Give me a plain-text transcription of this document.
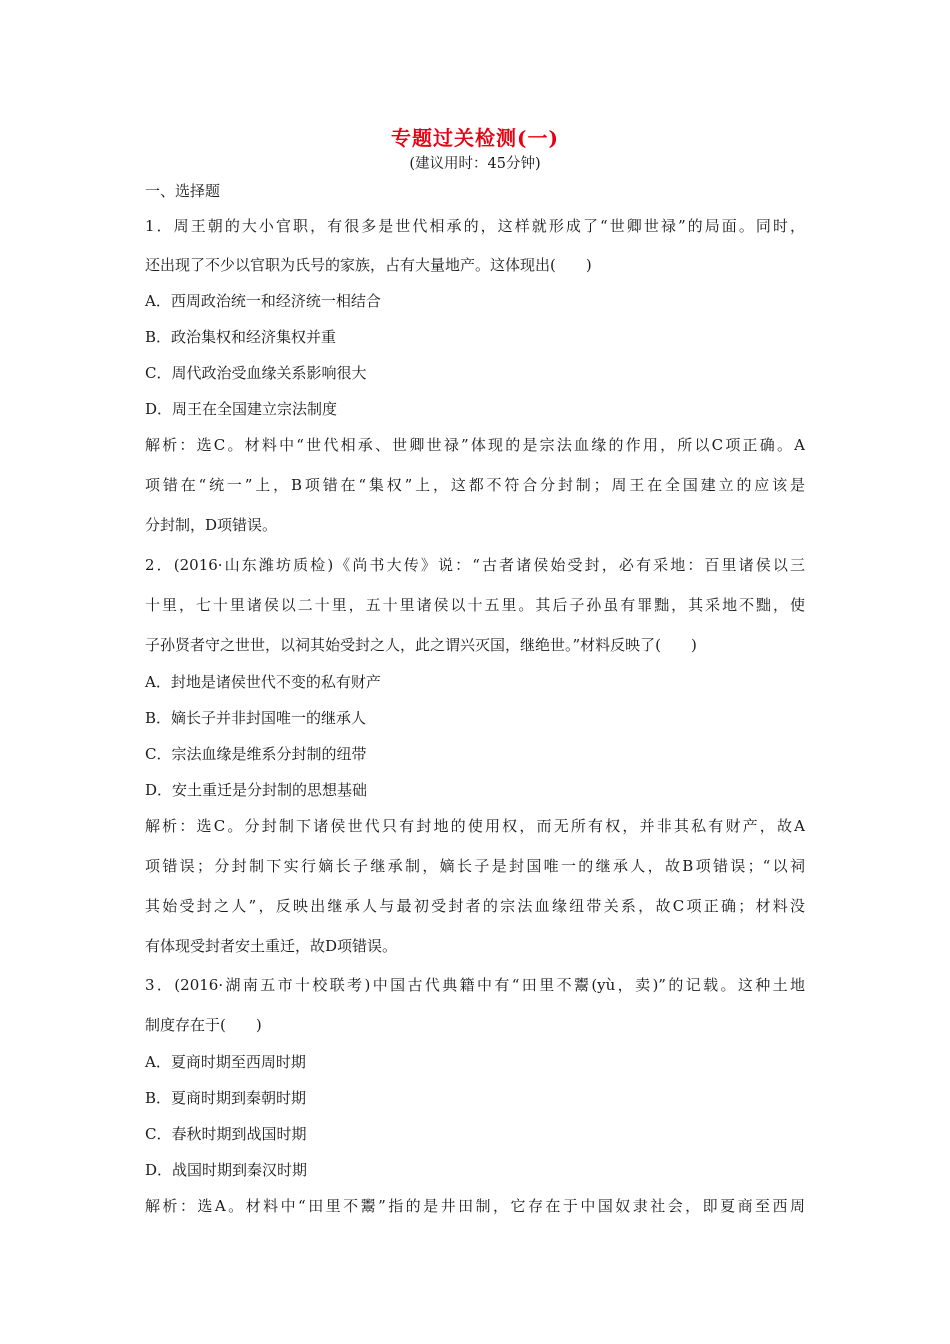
专题过关检测(一)
(建议用时：45分钟)
一、选择题
1．周王朝的大小官职，有很多是世代相承的，这样就形成了“世卿世禄”的局面。同时，
还出现了不少以官职为氏号的家族，占有大量地产。这体现出(　　)
A．西周政治统一和经济统一相结合
B．政治集权和经济集权并重
C．周代政治受血缘关系影响很大
D．周王在全国建立宗法制度
解析：选C。材料中“世代相承、世卿世禄”体现的是宗法血缘的作用，所以C项正确。A
项错在“统一”上，B项错在“集权”上，这都不符合分封制；周王在全国建立的应该是
分封制，D项错误。
2．(2016·山东潍坊质检)《尚书大传》说：“古者诸侯始受封，必有采地：百里诸侯以三
十里，七十里诸侯以二十里，五十里诸侯以十五里。其后子孙虽有罪黜，其采地不黜，使
子孙贤者守之世世，以祠其始受封之人，此之谓兴灭国，继绝世。”材料反映了(　　)
A．封地是诸侯世代不变的私有财产
B．嫡长子并非封国唯一的继承人
C．宗法血缘是维系分封制的纽带
D．安土重迁是分封制的思想基础
解析：选C。分封制下诸侯世代只有封地的使用权，而无所有权，并非其私有财产，故A
项错误；分封制下实行嫡长子继承制，嫡长子是封国唯一的继承人，故B项错误；“以祠
其始受封之人”，反映出继承人与最初受封者的宗法血缘纽带关系，故C项正确；材料没
有体现受封者安土重迁，故D项错误。
3．(2016·湖南五市十校联考)中国古代典籍中有“田里不鬻(yù，卖)”的记载。这种土地
制度存在于(　　)
A．夏商时期至西周时期
B．夏商时期到秦朝时期
C．春秋时期到战国时期
D．战国时期到秦汉时期
解析：选A。材料中“田里不鬻”指的是井田制，它存在于中国奴隶社会，即夏商至西周
